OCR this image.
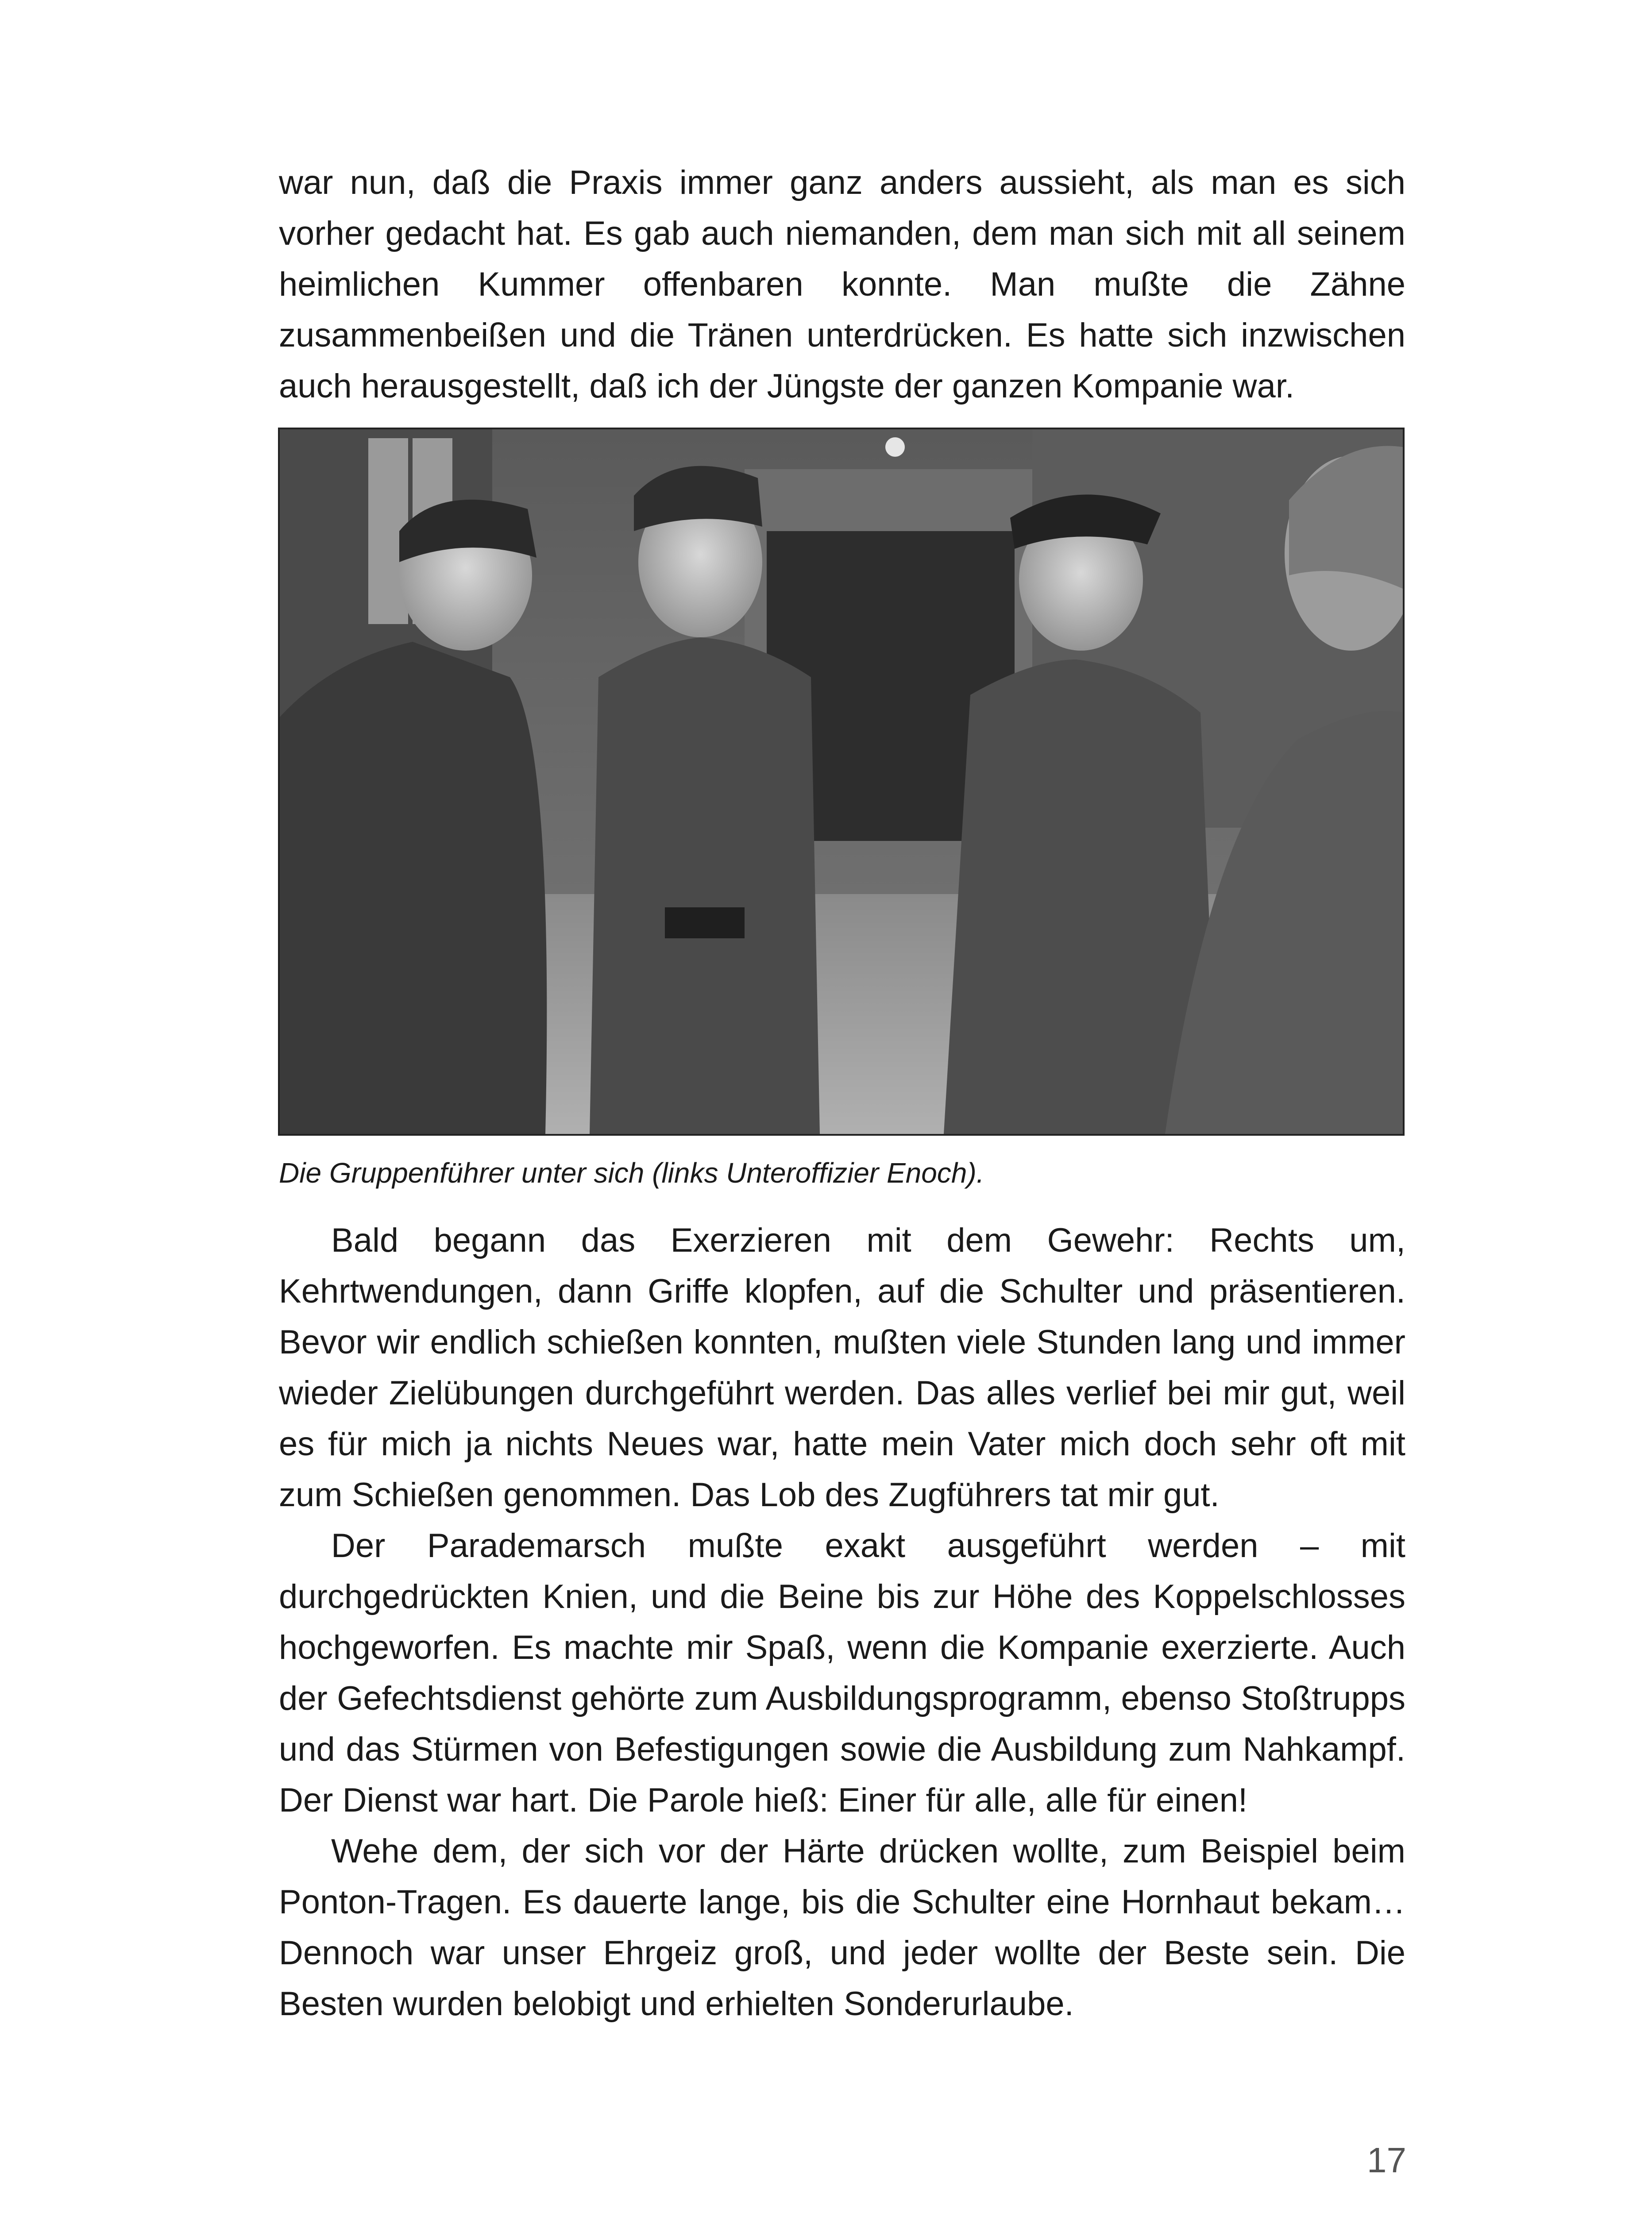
war nun, daß die Praxis immer ganz anders aussieht, als man es sich vorher gedacht hat. Es gab auch niemanden, dem man sich mit all seinem heimlichen Kummer offenbaren konnte. Man mußte die Zähne zusammenbeißen und die Tränen unterdrücken. Es hatte sich inzwischen auch herausgestellt, daß ich der Jüngste der ganzen Kompanie war.

Die Gruppenführer unter sich (links Unteroffizier Enoch).

Bald begann das Exerzieren mit dem Gewehr: Rechts um, Kehrtwendungen, dann Griffe klopfen, auf die Schulter und präsentieren. Bevor wir endlich schießen konnten, mußten viele Stunden lang und immer wieder Zielübungen durchgeführt werden. Das alles verlief bei mir gut, weil es für mich ja nichts Neues war, hatte mein Vater mich doch sehr oft mit zum Schießen genommen. Das Lob des Zugführers tat mir gut.

Der Parademarsch mußte exakt ausgeführt werden – mit durchgedrückten Knien, und die Beine bis zur Höhe des Koppelschlosses hochgeworfen. Es machte mir Spaß, wenn die Kompanie exerzierte. Auch der Gefechtsdienst gehörte zum Ausbildungsprogramm, ebenso Stoßtrupps und das Stürmen von Befestigungen sowie die Ausbildung zum Nahkampf. Der Dienst war hart. Die Parole hieß: Einer für alle, alle für einen!

Wehe dem, der sich vor der Härte drücken wollte, zum Beispiel beim Ponton-Tragen. Es dauerte lange, bis die Schulter eine Hornhaut bekam… Dennoch war unser Ehrgeiz groß, und jeder wollte der Beste sein. Die Besten wurden belobigt und erhielten Sonderurlaube.

17
